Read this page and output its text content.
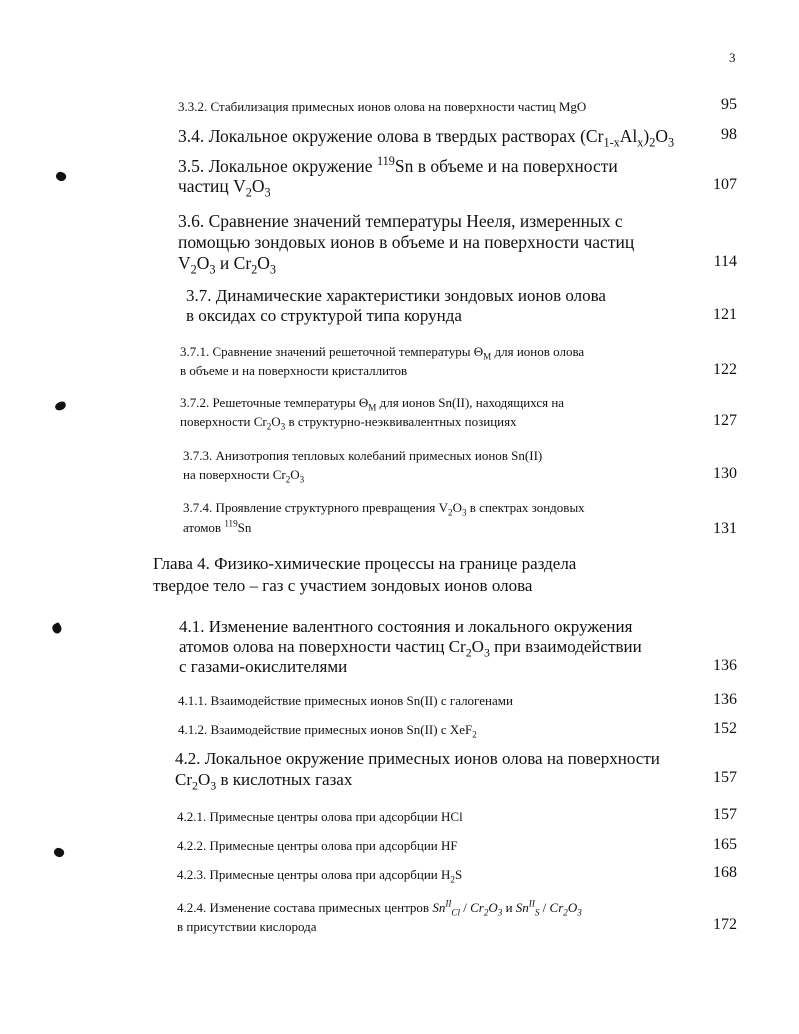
3
3.3.2. Стабилизация примесных ионов олова на поверхности частиц MgO	95
3.4. Локальное окружение олова в твердых растворах $(Cr_{1-x}Al_x)_2O_3$	98
3.5. Локальное окружение $^{119}$Sn в объеме и на поверхности
частиц $V_2O_3$	107
3.6. Сравнение значений температуры Нееля, измеренных с
помощью зондовых ионов в объеме и на поверхности частиц
$V_2O_3$ и $Cr_2O_3$	114
3.7. Динамические характеристики зондовых ионов олова
в оксидах со структурой типа корунда	121
3.7.1. Сравнение значений решеточной температуры $\Theta_M$ для ионов олова
в объеме и на поверхности кристаллитов	122
3.7.2. Решеточные температуры $\Theta_M$ для ионов Sn(II), находящихся на
поверхности $Cr_2O_3$ в структурно-неэквивалентных позициях	127
3.7.3. Анизотропия тепловых колебаний примесных ионов Sn(II)
на поверхности $Cr_2O_3$	130
3.7.4. Проявление структурного превращения $V_2O_3$ в спектрах зондовых
атомов $^{119}$Sn	131
Глава 4. Физико-химические процессы на границе раздела
твердое тело – газ с участием зондовых ионов олова
4.1. Изменение валентного состояния и локального окружения
атомов олова на поверхности частиц $Cr_2O_3$ при взаимодействии
с газами-окислителями	136
4.1.1. Взаимодействие примесных ионов Sn(II) с галогенами	136
4.1.2. Взаимодействие примесных ионов Sn(II) с XeF$_2$	152
4.2. Локальное окружение примесных ионов олова на поверхности
$Cr_2O_3$ в кислотных газах	157
4.2.1. Примесные центры олова при адсорбции HCl	157
4.2.2. Примесные центры олова при адсорбции HF	165
4.2.3. Примесные центры олова при адсорбции $H_2S$	168
4.2.4. Изменение состава примесных центров $Sn^{II}_{Cl} / Cr_2O_3$ и $Sn^{II}_S / Cr_2O_3$
в присутствии кислорода	172
